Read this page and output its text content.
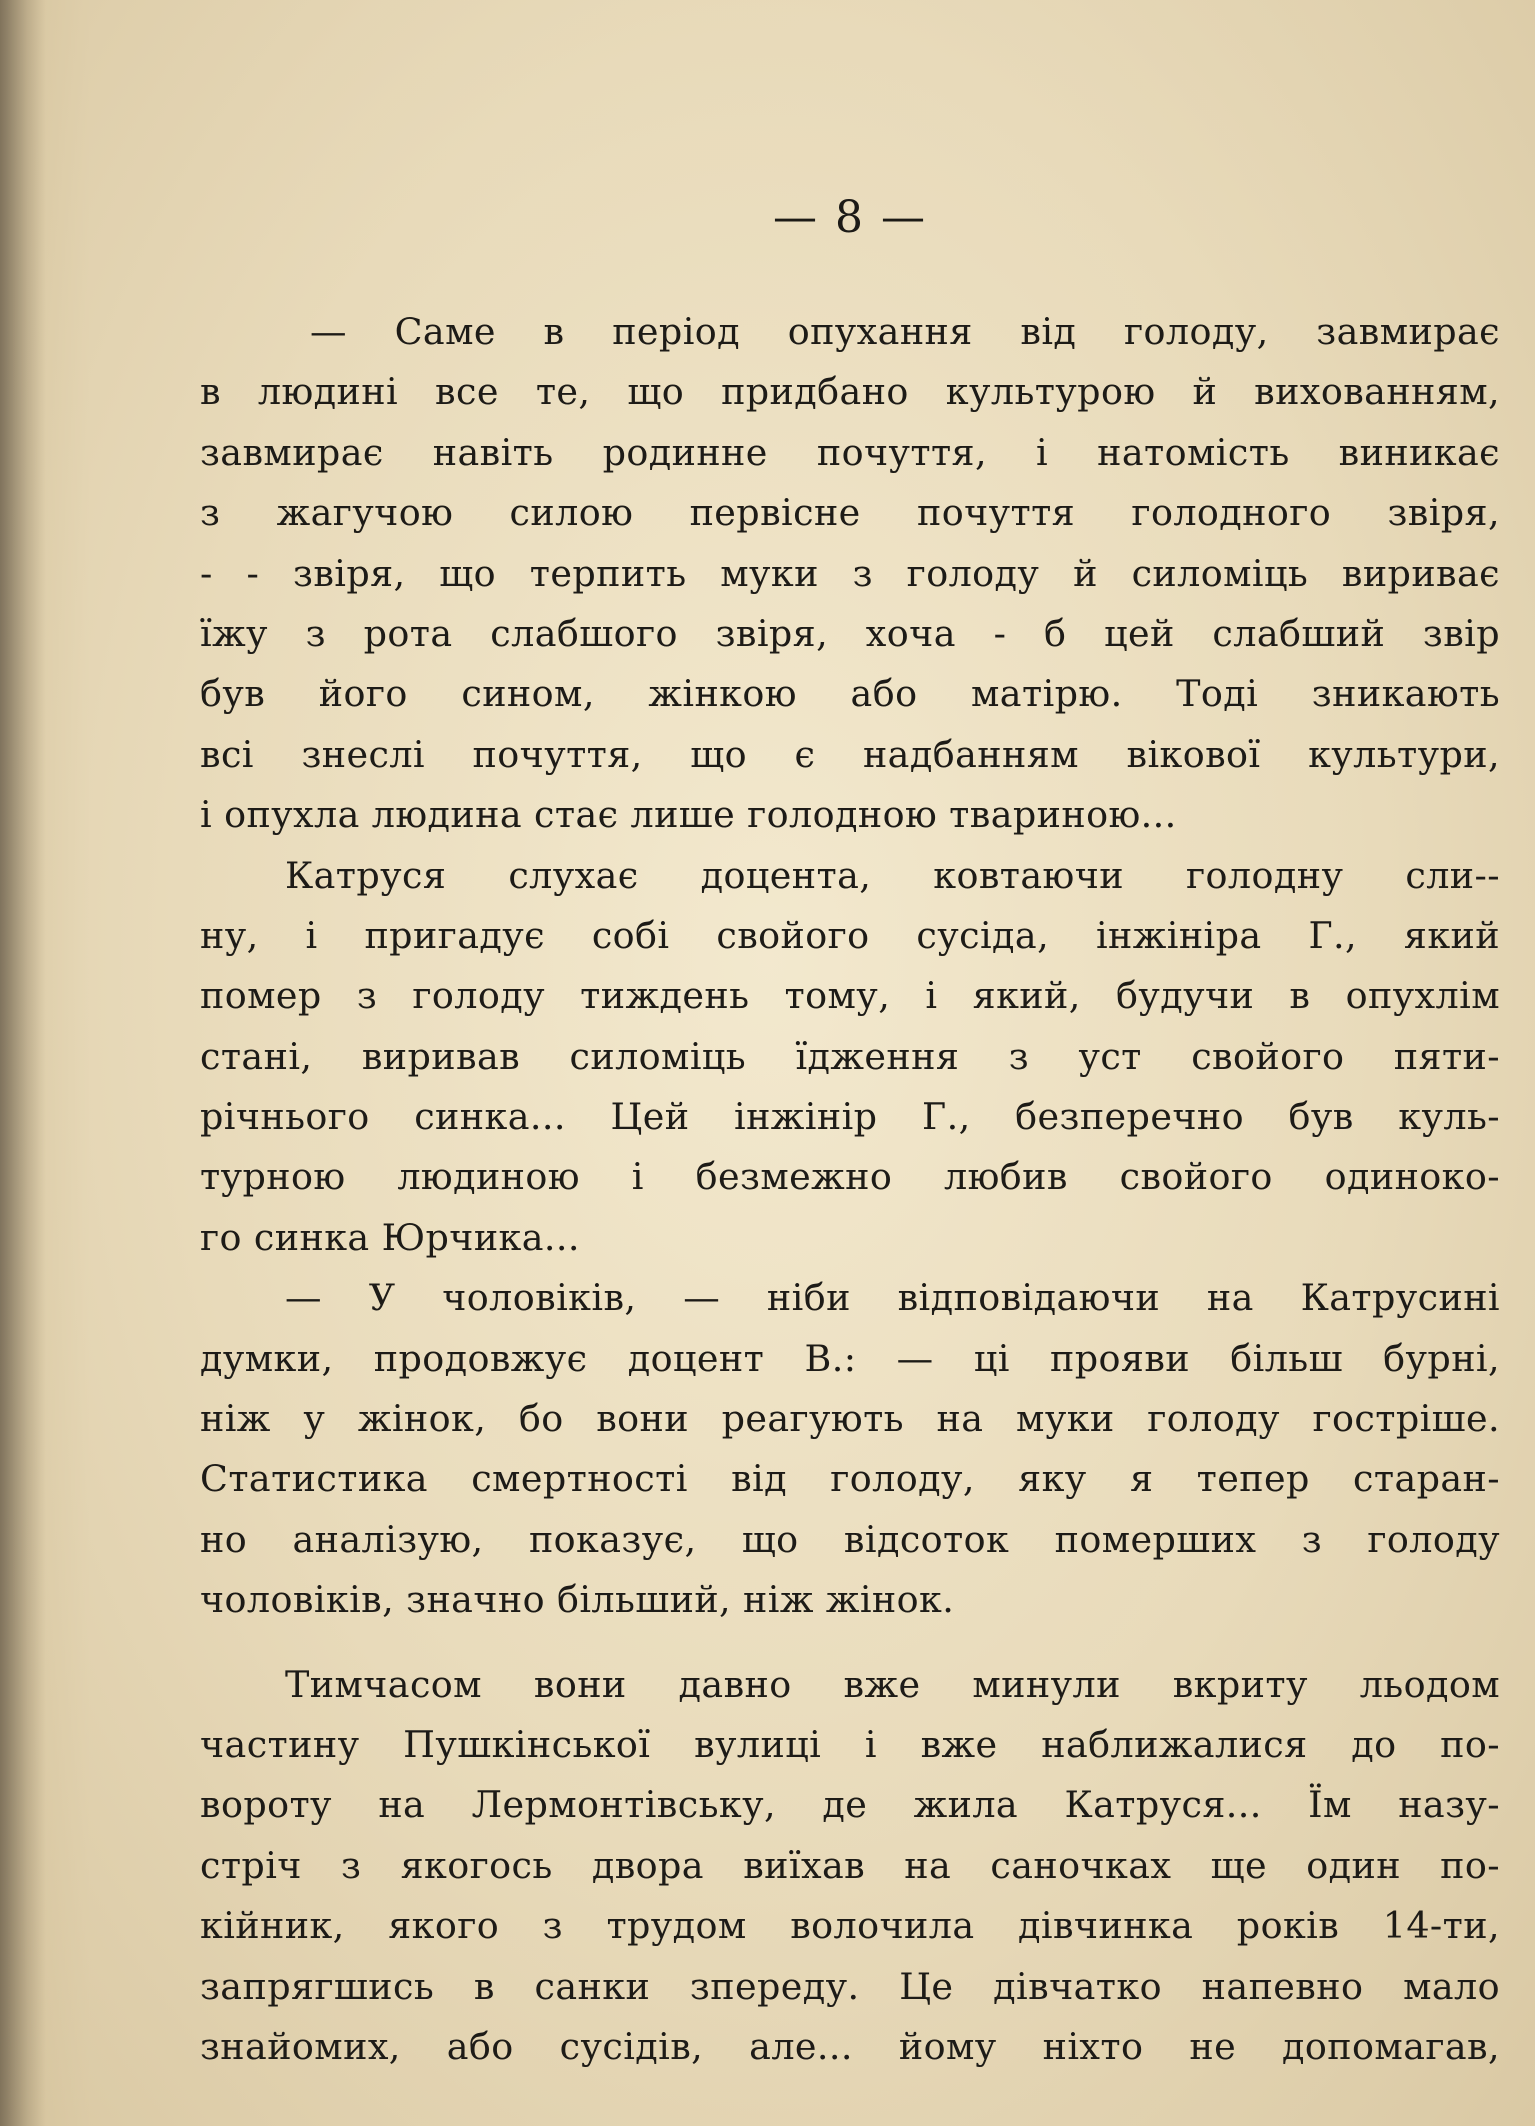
— 8 —
— Саме в період опухання від голоду, завмирає
в людині все те, що придбано культурою й вихованням,
завмирає навіть родинне почуття, і натомість виникає
з жагучою силою первісне почуття голодного звіря,
- - звіря, що терпить муки з голоду й силоміць вириває
їжу з рота слабшого звіря, хоча - б цей слабший звір
був його сином, жінкою або матірю. Тоді зникають
всі знеслі почуття, що є надбанням вікової культури,
і опухла людина стає лише голодною твариною...
Катруся слухає доцента, ковтаючи голодну сли--
ну, і пригадує собі свойого сусіда, інжініра Г., який
помер з голоду тиждень тому, і який, будучи в опухлім
стані, виривав силоміць їдження з уст свойого пяти-
річнього синка... Цей інжінір Г., безперечно був куль-
турною людиною і безмежно любив свойого одиноко-
го синка Юрчика...
— У чоловіків, — ніби відповідаючи на Катрусині
думки, продовжує доцент В.: — ці прояви більш бурні,
ніж у жінок, бо вони реагують на муки голоду гостріше.
Статистика смертності від голоду, яку я тепер старан-
но аналізую, показує, що відсоток померших з голоду
чоловіків, значно більший, ніж жінок.
Тимчасом вони давно вже минули вкриту льодом
частину Пушкінської вулиці і вже наближалися до по-
вороту на Лермонтівську, де жила Катруся... Їм назу-
стріч з якогось двора виїхав на саночках ще один по-
кійник, якого з трудом волочила дівчинка років 14-ти,
запрягшись в санки зпереду. Це дівчатко напевно мало
знайомих, або сусідів, але... йому ніхто не допомагав,
